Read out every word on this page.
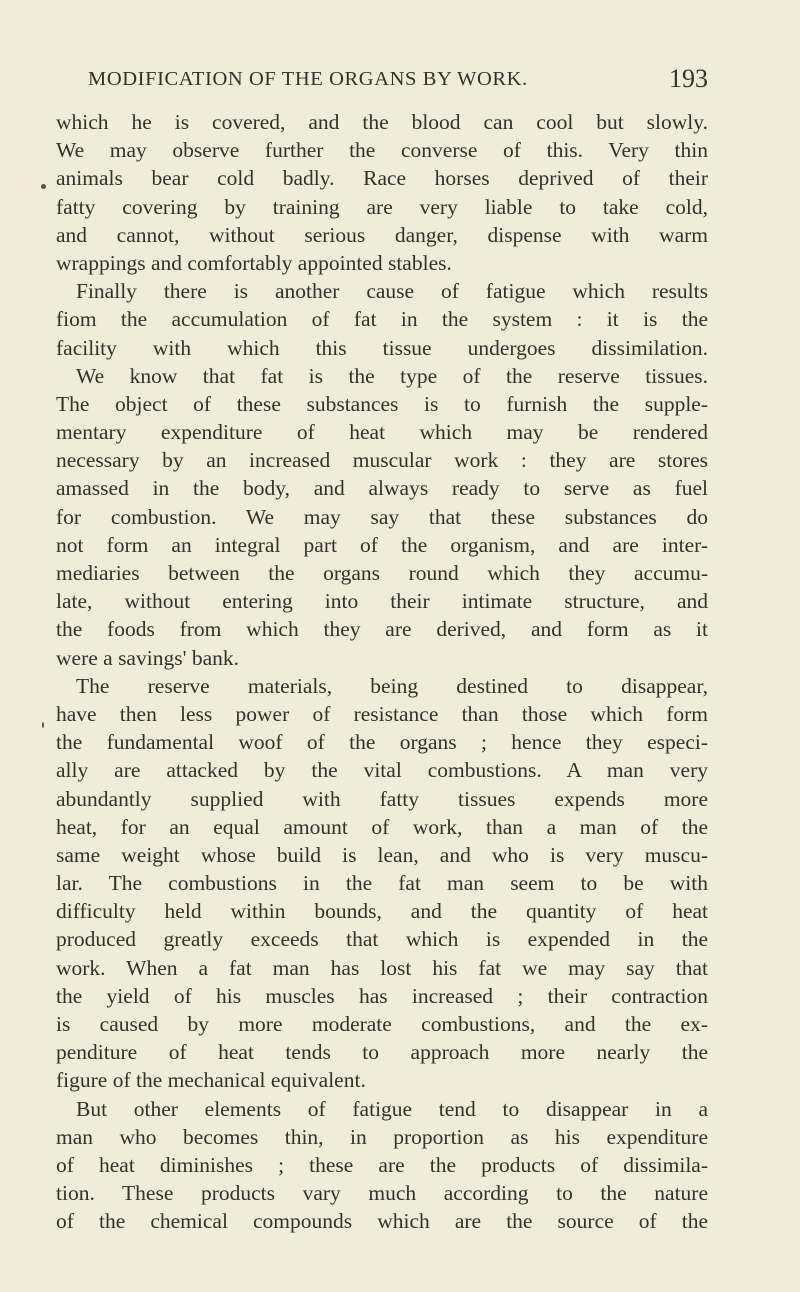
MODIFICATION OF THE ORGANS BY WORK.	193
which he is covered, and the blood can cool but slowly.
We may observe further the converse of this. Very thin
animals bear cold badly. Race horses deprived of their
fatty covering by training are very liable to take cold,
and cannot, without serious danger, dispense with warm
wrappings and comfortably appointed stables.
Finally there is another cause of fatigue which results
fiom the accumulation of fat in the system : it is the
facility with which this tissue undergoes dissimilation.
We know that fat is the type of the reserve tissues.
The object of these substances is to furnish the supple-
mentary expenditure of heat which may be rendered
necessary by an increased muscular work : they are stores
amassed in the body, and always ready to serve as fuel
for combustion. We may say that these substances do
not form an integral part of the organism, and are inter-
mediaries between the organs round which they accumu-
late, without entering into their intimate structure, and
the foods from which they are derived, and form as it
were a savings' bank.
The reserve materials, being destined to disappear,
have then less power of resistance than those which form
the fundamental woof of the organs ; hence they especi-
ally are attacked by the vital combustions. A man very
abundantly supplied with fatty tissues expends more
heat, for an equal amount of work, than a man of the
same weight whose build is lean, and who is very muscu-
lar. The combustions in the fat man seem to be with
difficulty held within bounds, and the quantity of heat
produced greatly exceeds that which is expended in the
work. When a fat man has lost his fat we may say that
the yield of his muscles has increased ; their contraction
is caused by more moderate combustions, and the ex-
penditure of heat tends to approach more nearly the
figure of the mechanical equivalent.
But other elements of fatigue tend to disappear in a
man who becomes thin, in proportion as his expenditure
of heat diminishes ; these are the products of dissimila-
tion. These products vary much according to the nature
of the chemical compounds which are the source of the
